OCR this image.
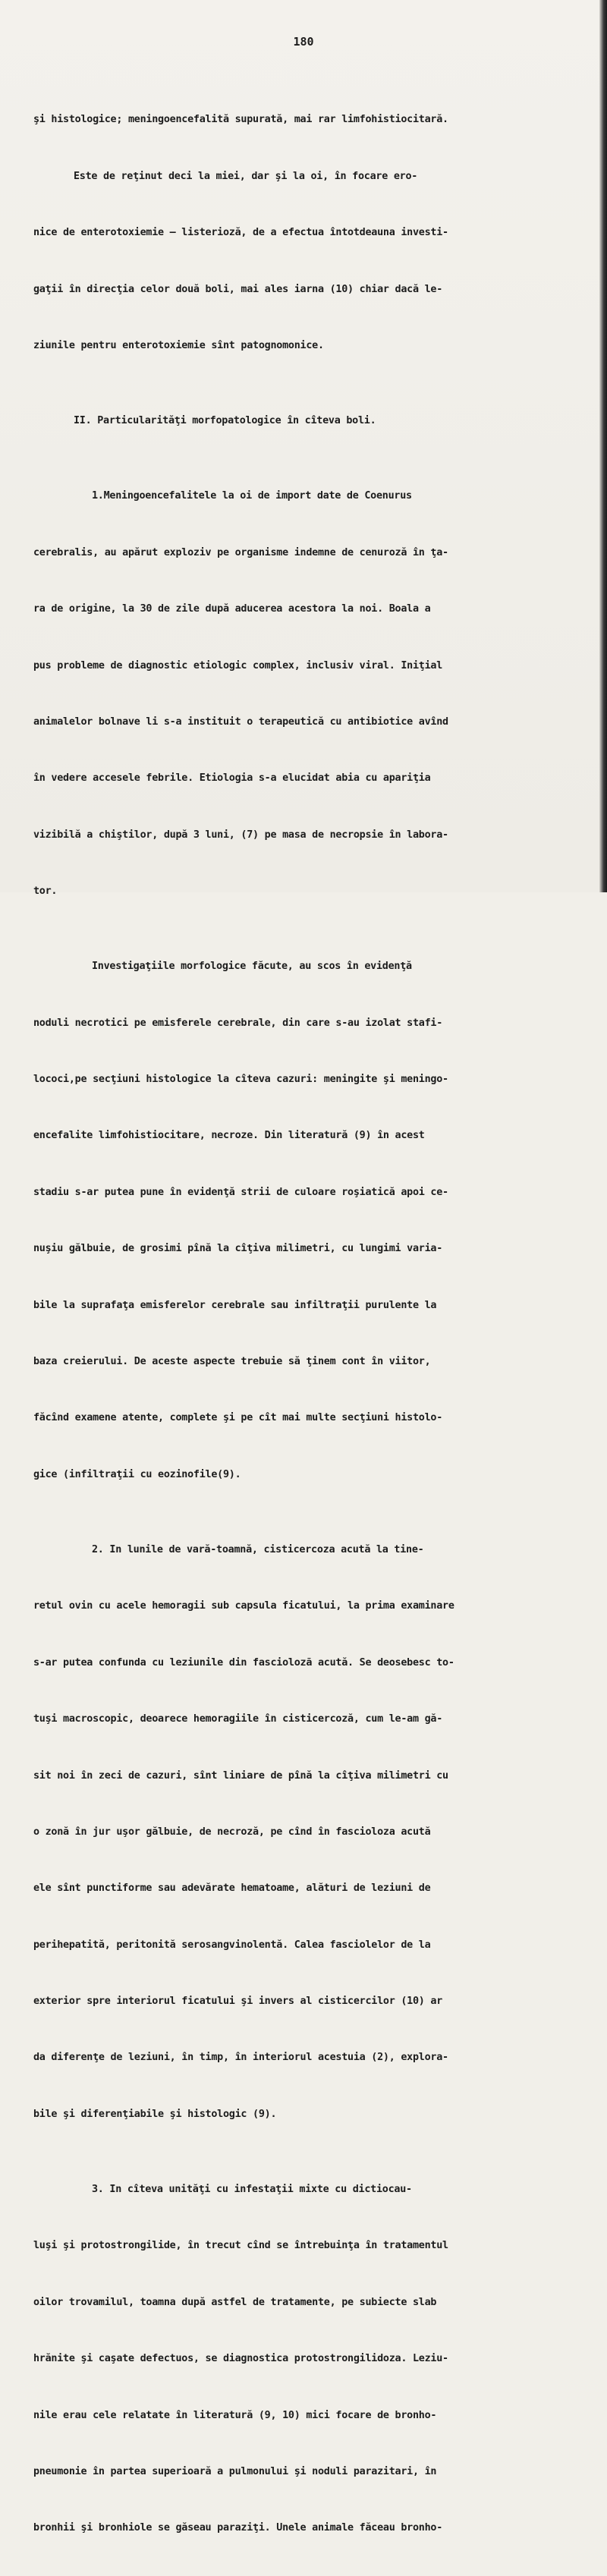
180

şi histologice; meningoencefalită supurată, mai rar limfohistiocitară.

Este de reţinut deci la miei, dar şi la oi, în focare ero-

nice de enterotoxiemie – listerioză, de a efectua întotdeauna investi-

gaţii în direcţia celor două boli, mai ales iarna (10) chiar dacă le-

ziunile pentru enterotoxiemie sînt patognomonice.

II. Particularităţi morfopatologice în cîteva boli.

1.Meningoencefalitele la oi de import date de Coenurus

cerebralis, au apărut exploziv pe organisme indemne de cenuroză în ţa-

ra de origine, la 30 de zile după aducerea acestora la noi. Boala a

pus probleme de diagnostic etiologic complex, inclusiv viral. Iniţial

animalelor bolnave li s-a instituit o terapeutică cu antibiotice avînd

în vedere accesele febrile. Etiologia s-a elucidat abia cu apariţia

vizibilă a chiştilor, după 3 luni, (7) pe masa de necropsie în labora-

tor.

Investigaţiile morfologice făcute, au scos în evidenţă

noduli necrotici pe emisferele cerebrale, din care s-au izolat stafi-

lococi,pe secţiuni histologice la cîteva cazuri: meningite şi meningo-

encefalite limfohistiocitare, necroze. Din literatură (9) în acest

stadiu s-ar putea pune în evidenţă strii de culoare roşiatică apoi ce-

nuşiu gălbuie, de grosimi pînă la cîţiva milimetri, cu lungimi varia-

bile la suprafaţa emisferelor cerebrale sau infiltraţii purulente la

baza creierului. De aceste aspecte trebuie să ţinem cont în viitor,

făcînd examene atente, complete şi pe cît mai multe secţiuni histolo-

gice (infiltraţii cu eozinofile(9).

2. In lunile de vară-toamnă, cisticercoza acută la tine-

retul ovin cu acele hemoragii sub capsula ficatului, la prima examinare

s-ar putea confunda cu leziunile din fasciolozã acută. Se deosebesc to-

tuşi macroscopic, deoarece hemoragiile în cisticercoză, cum le-am gă-

sit noi în zeci de cazuri, sînt liniare de pînă la cîţiva milimetri cu

o zonă în jur uşor gălbuie, de necroză, pe cînd în fascioloza acută

ele sînt punctiforme sau adevărate hematoame, alături de leziuni de

perihepatită, peritonită serosangvinolentă. Calea fasciolelor de la

exterior spre interiorul ficatului şi invers al cisticercilor (10) ar

da diferenţe de leziuni, în timp, în interiorul acestuia (2), explora-

bile şi diferenţiabile şi histologic (9).

3. In cîteva unităţi cu infestaţii mixte cu dictiocau-

luşi şi protostrongilide, în trecut cînd se întrebuinţa în tratamentul

oilor trovamilul, toamna după astfel de tratamente, pe subiecte slab

hrănite şi caşate defectuos, se diagnostica protostrongilidoza. Leziu-

nile erau cele relatate în literatură (9, 10) mici focare de bronho-

pneumonie în partea superioară a pulmonului şi noduli parazitari, în

bronhii şi bronhiole se găseau paraziţi. Unele animale făceau bronho-
